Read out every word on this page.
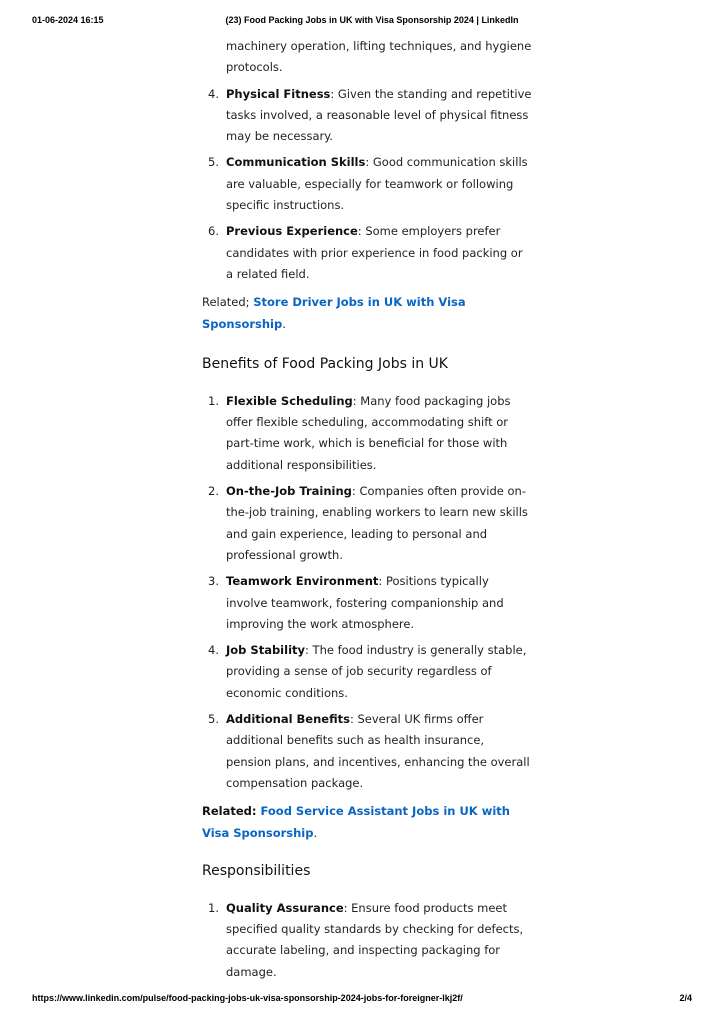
01-06-2024 16:15	(23) Food Packing Jobs in UK with Visa Sponsorship 2024 | LinkedIn
machinery operation, lifting techniques, and hygiene protocols.
4. Physical Fitness: Given the standing and repetitive tasks involved, a reasonable level of physical fitness may be necessary.
5. Communication Skills: Good communication skills are valuable, especially for teamwork or following specific instructions.
6. Previous Experience: Some employers prefer candidates with prior experience in food packing or a related field.

Related; Store Driver Jobs in UK with Visa Sponsorship.

Benefits of Food Packing Jobs in UK
1. Flexible Scheduling: Many food packaging jobs offer flexible scheduling, accommodating shift or part-time work, which is beneficial for those with additional responsibilities.
2. On-the-Job Training: Companies often provide on-the-job training, enabling workers to learn new skills and gain experience, leading to personal and professional growth.
3. Teamwork Environment: Positions typically involve teamwork, fostering companionship and improving the work atmosphere.
4. Job Stability: The food industry is generally stable, providing a sense of job security regardless of economic conditions.
5. Additional Benefits: Several UK firms offer additional benefits such as health insurance, pension plans, and incentives, enhancing the overall compensation package.

Related: Food Service Assistant Jobs in UK with Visa Sponsorship.

Responsibilities
1. Quality Assurance: Ensure food products meet specified quality standards by checking for defects, accurate labeling, and inspecting packaging for damage.
https://www.linkedin.com/pulse/food-packing-jobs-uk-visa-sponsorship-2024-jobs-for-foreigner-lkj2f/	2/4
